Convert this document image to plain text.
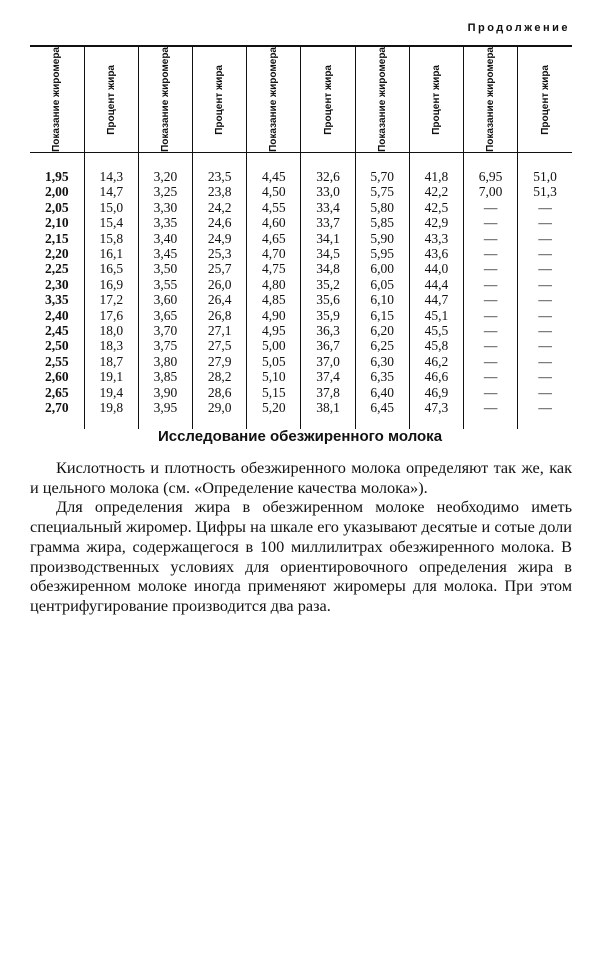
Продолжение
Показание жиромера	Процент жира	Показание жиромера	Процент жира	Показание жиромера	Процент жира	Показание жиромера	Процент жира	Показание жиромера	Процент жира

1,95	14,3	3,20	23,5	4,45	32,6	5,70	41,8	6,95	51,0
2,00	14,7	3,25	23,8	4,50	33,0	5,75	42,2	7,00	51,3
2,05	15,0	3,30	24,2	4,55	33,4	5,80	42,5	—	—
2,10	15,4	3,35	24,6	4,60	33,7	5,85	42,9	—	—
2,15	15,8	3,40	24,9	4,65	34,1	5,90	43,3	—	—
2,20	16,1	3,45	25,3	4,70	34,5	5,95	43,6	—	—
2,25	16,5	3,50	25,7	4,75	34,8	6,00	44,0	—	—
2,30	16,9	3,55	26,0	4,80	35,2	6,05	44,4	—	—
3,35	17,2	3,60	26,4	4,85	35,6	6,10	44,7	—	—
2,40	17,6	3,65	26,8	4,90	35,9	6,15	45,1	—	—
2,45	18,0	3,70	27,1	4,95	36,3	6,20	45,5	—	—
2,50	18,3	3,75	27,5	5,00	36,7	6,25	45,8	—	—
2,55	18,7	3,80	27,9	5,05	37,0	6,30	46,2	—	—
2,60	19,1	3,85	28,2	5,10	37,4	6,35	46,6	—	—
2,65	19,4	3,90	28,6	5,15	37,8	6,40	46,9	—	—
2,70	19,8	3,95	29,0	5,20	38,1	6,45	47,3	—	—
Исследование обезжиренного молока

Кислотность и плотность обезжиренного молока определяют так же, как и цельного молока (см. «Определение качества молока»).

Для определения жира в обезжиренном молоке необходимо иметь специальный жиромер. Цифры на шкале его указывают десятые и сотые доли грамма жира, содержащегося в 100 миллилитрах обезжиренного молока. В производственных условиях для ориентировочного определения жира в обезжиренном молоке иногда применяют жиромеры для молока. При этом центрифугирование производится два раза.
